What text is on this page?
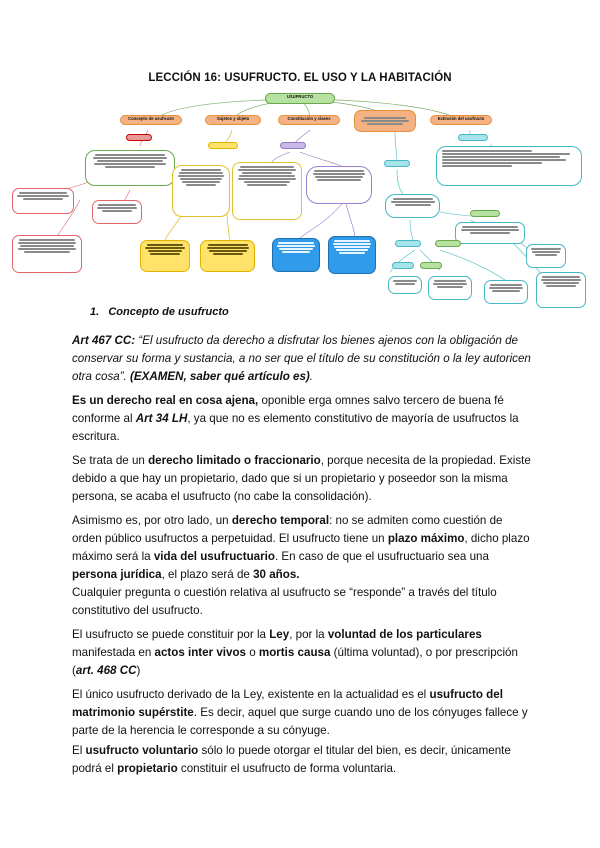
LECCIÓN 16: USUFRUCTO. EL USO Y LA HABITACIÓN
USUFRUCTO
Concepto de usufructo	Sujetos y objeto	Constitución y clases	Extinción del usufructo
1. Concepto de usufructo

Art 467 CC: “El usufructo da derecho a disfrutar los bienes ajenos con la obligación de conservar su forma y sustancia, a no ser que el título de su constitución o la ley autoricen otra cosa”. (EXAMEN, saber qué artículo es).

Es un derecho real en cosa ajena, oponible erga omnes salvo tercero de buena fé conforme al Art 34 LH, ya que no es elemento constitutivo de mayoría de usufructos la escritura.

Se trata de un derecho limitado o fraccionario, porque necesita de la propiedad. Existe debido a que hay un propietario, dado que si un propietario y poseedor son la misma persona, se acaba el usufructo (no cabe la consolidación).

Asimismo es, por otro lado, un derecho temporal: no se admiten como cuestión de orden público usufructos a perpetuidad. El usufructo tiene un plazo máximo, dicho plazo máximo será la vida del usufructuario. En caso de que el usufructuario sea una persona jurídica, el plazo será de 30 años.

Cualquier pregunta o cuestión relativa al usufructo se “responde” a través del título constitutivo del usufructo.

El usufructo se puede constituir por la Ley, por la voluntad de los particulares manifestada en actos inter vivos o mortis causa (última voluntad), o por prescripción (art. 468 CC)

El único usufructo derivado de la Ley, existente en la actualidad es el usufructo del matrimonio supérstite. Es decir, aquel que surge cuando uno de los cónyuges fallece y parte de la herencia le corresponde a su cónyuge.

El usufructo voluntario sólo lo puede otorgar el titular del bien, es decir, únicamente podrá el propietario constituir el usufructo de forma voluntaria.
